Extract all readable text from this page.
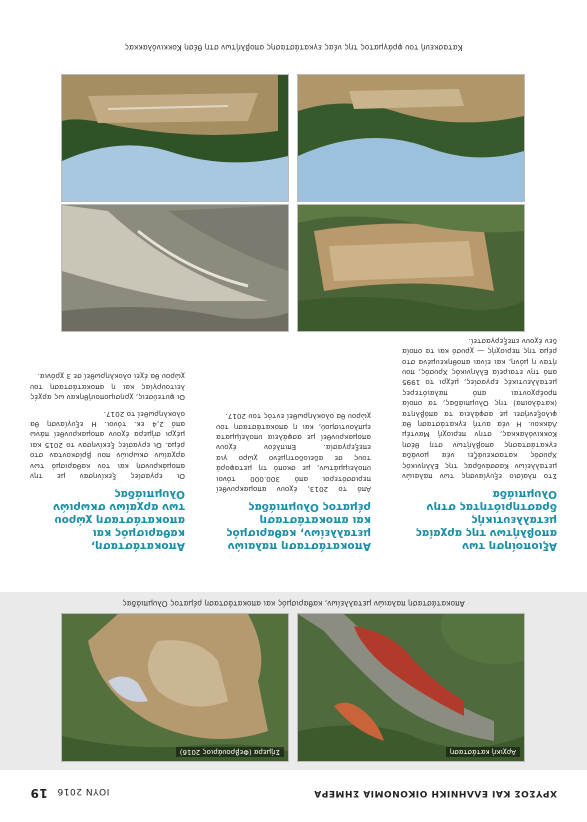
ΧΡΥΣΟΣ ΚΑΙ ΕΛΛΗΝΙΚΗ ΟΙΚΟΝΟΜΙΑ ΣΗΜΕΡΑ
ΙΟΥΝ 2016 19
Αρχική κατάσταση
Σήμερα (Φεβρουάριος 2016)
Αποκατάσταση παλαιών μεταλλείων, καθαρισμός και αποκατάσταση ρέματος Ολυμπιάδας
Αξιοποίηση των αποβλήτων της αρχαίας μεταλλευτικής δραστηριότητας στην Ολυμπιάδα

Στο πλαίσιο εξυγίανσης των παλαιών μεταλλείων Κασσάνδρας της Ελληνικός Χρυσός κατασκευάζει νέα μονάδα εγκατάστασης αποβλήτων στη θέση Κοκκινόλακκας, στην περιοχή Μαντέμ Λάκκου. Η νέα αυτή εγκατάσταση θα φιλοξενήσει με ασφάλεια τα απόβλητα (κατάλοιπα) της Ολυμπιάδας, τα οποία προέρχονται από παλαιότερες μεταλλευτικές εργασίες, μέχρι το 1995 από την εταιρεία Ελληνικός Χρυσός, που ήταν η μόνη, και είναι αποθηκευμένα στο ρέμα της περιοχής — χρυσό και τα οποία δεν έχουν επεξεργαστεί.

Αποκατάσταση παλαιών μεταλλείων, καθαρισμός και αποκατάσταση ρέματος Ολυμπιάδας

Από το 2013, έχουν απομακρυνθεί περισσότεροι από 300.000 τόνοι υπολειμμάτων, με σκοπό τη μεταφορά τους σε αδειοδοτημένο χώρο για επεξεργασία. Επιπλέον έχουν απομακρυνθεί με ασφάλεια υπολείμματα εμπλουτισμού, και η αποκατάσταση του χώρου θα ολοκληρωθεί εντός του 2017.

Αποκατάσταση, καθαρισμός και αποκατάσταση χώρου των αρχαίων σκωριών Ολυμπιάδας

Οι εργασίες ξεκίνησαν με την απομάκρυνση και τον καθαρισμό των αρχαίων σκωριών που βρίσκονταν στο ρέμα. Οι εργασίες ξεκίνησαν το 2015 και μέχρι σήμερα έχουν απομακρυνθεί πάνω από 2,4 εκ. τόνοι. Η εξυγίανση θα ολοκληρωθεί το 2017.

Οι φυτεύσεις, χρησιμοποιήθηκαν ως αρχές λειτουργίας και η αποκατάσταση του χώρου θα έχει ολοκληρωθεί σε 3 χρόνια.

Κατασκευή του φράγματος της νέας εγκατάστασης αποβλήτων στη θέση Κοκκινόλακκας
